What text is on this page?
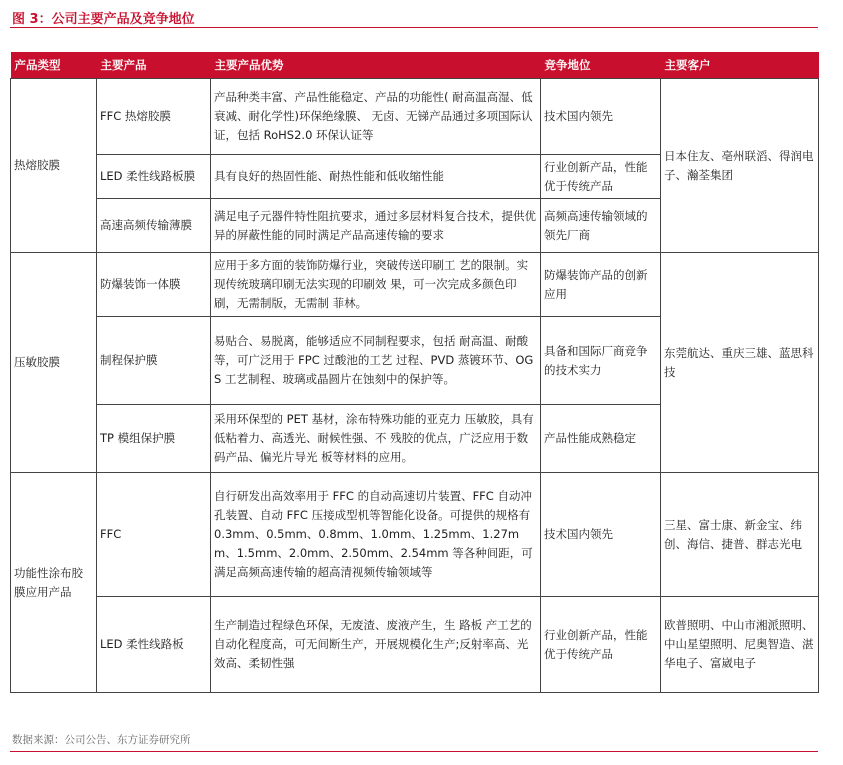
图 3：公司主要产品及竞争地位
产品类型	主要产品	主要产品优势	竞争地位	主要客户
热熔胶膜	FFC 热熔胶膜	产品种类丰富、产品性能稳定、产品的功能性( 耐高温高湿、低衰减、耐化学性)环保绝缘膜、 无卤、无锑产品通过多项国际认证，包括 RoHS2.0 环保认证等	技术国内领先	日本住友、亳州联滔、得润电子、瀚荃集团
	LED 柔性线路板膜	具有良好的热固性能、耐热性能和低收缩性能	行业创新产品，性能优于传统产品	
	高速高频传输薄膜	满足电子元器件特性阻抗要求，通过多层材料复合技术，提供优异的屏蔽性能的同时满足产品高速传输的要求	高频高速传输领域的领先厂商	
压敏胶膜	防爆装饰一体膜	应用于多方面的装饰防爆行业，突破传送印刷工 艺的限制。实现传统玻璃印刷无法实现的印刷效 果，可一次完成多颜色印刷，无需制版，无需制 菲林。	防爆装饰产品的创新应用	东莞航达、重庆三雄、蓝思科技
	制程保护膜	易贴合、易脱离，能够适应不同制程要求，包括 耐高温、耐酸等，可广泛用于 FPC 过酸池的工艺 过程、PVD 蒸镀环节、OGS 工艺制程、玻璃或晶圆片在蚀刻中的保护等。	具备和国际厂商竞争的技术实力	
	TP 模组保护膜	采用环保型的 PET 基材，涂布特殊功能的亚克力 压敏胶，具有低粘着力、高透光、耐候性强、不 残胶的优点，广泛应用于数码产品、偏光片导光 板等材料的应用。	产品性能成熟稳定	
功能性涂布胶膜应用产品	FFC	自行研发出高效率用于 FFC 的自动高速切片装置、FFC 自动冲孔装置、自动 FFC 压接成型机等智能化设备。可提供的规格有 0.3mm、0.5mm、0.8mm、1.0mm、1.25mm、1.27mm、1.5mm、2.0mm、2.50mm、2.54mm 等各种间距，可满足高频高速传输的超高清视频传输领域等	技术国内领先	三星、富士康、新金宝、纬创、海信、捷普、群志光电
	LED 柔性线路板	生产制造过程绿色环保，无废渣、废液产生，生 路板 产工艺的自动化程度高，可无间断生产，开展规模化生产;反射率高、光效高、柔韧性强	行业创新产品，性能优于传统产品	欧普照明、中山市湘派照明、中山星望照明、尼奥智造、湛华电子、富崴电子
数据来源：公司公告、东方证券研究所
